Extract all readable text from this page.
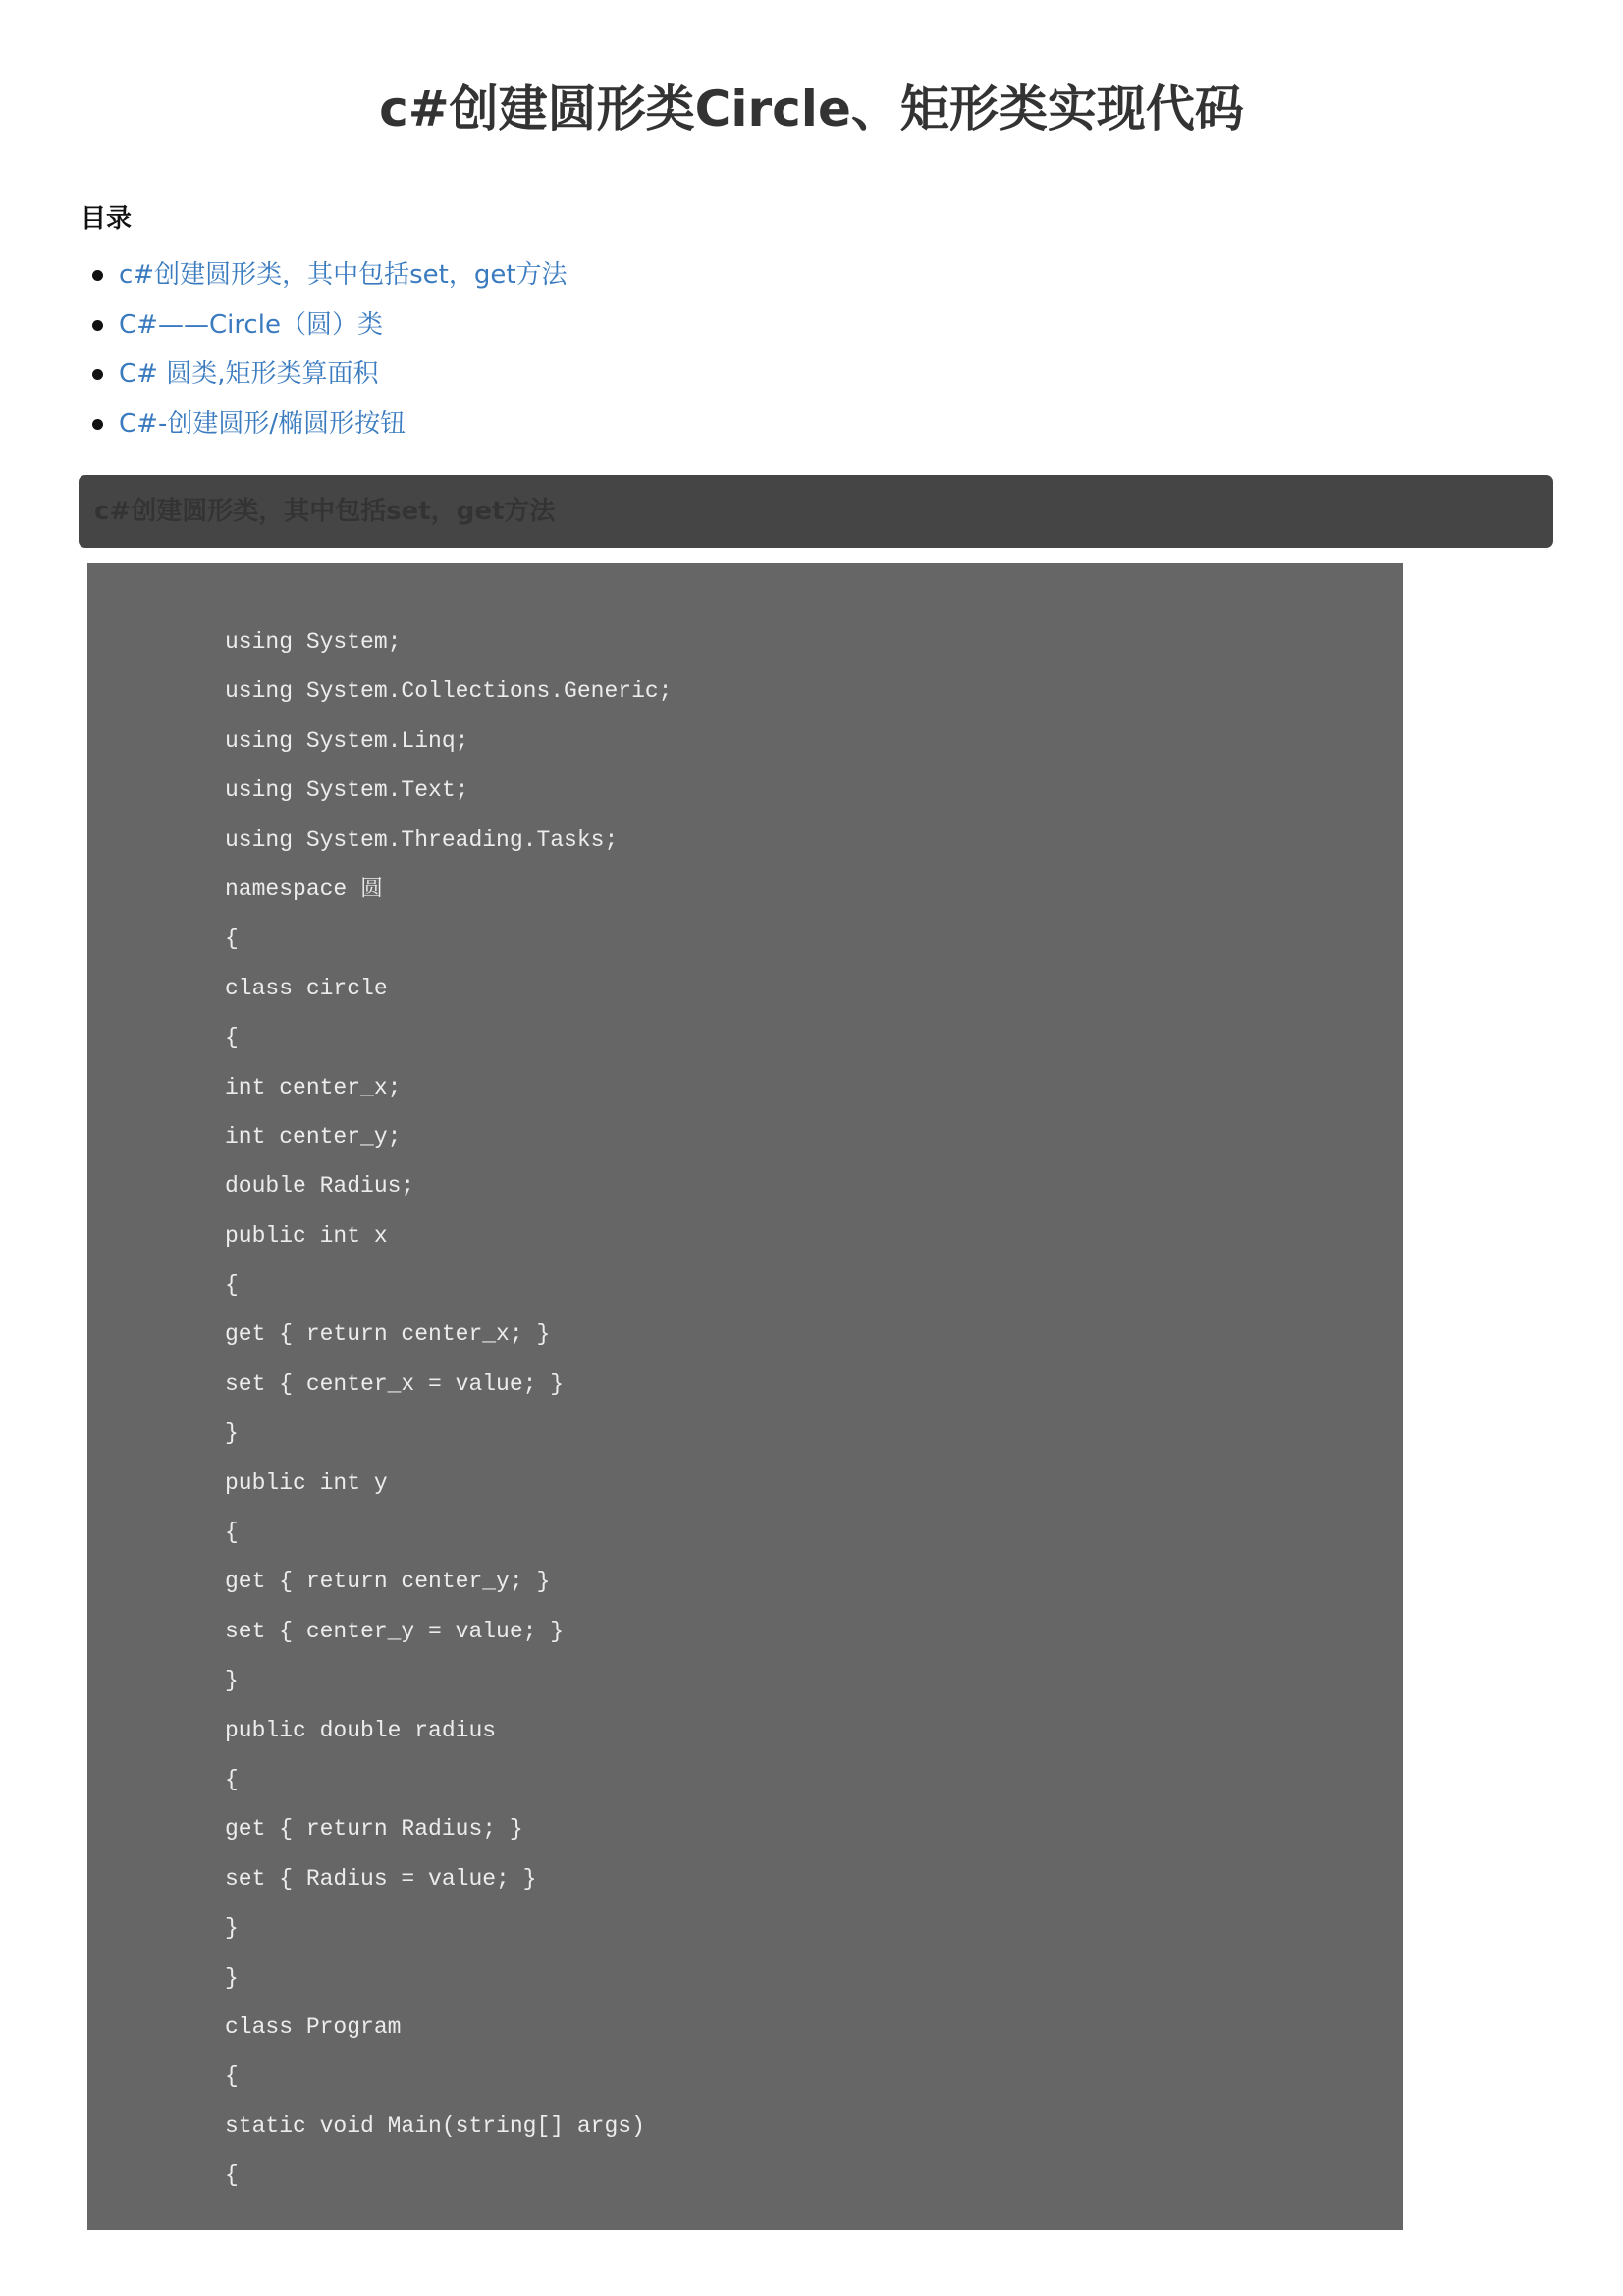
c#创建圆形类Circle、矩形类实现代码
目录
c#创建圆形类，其中包括set，get方法
C#——Circle（圆）类
C# 圆类,矩形类算面积
C#-创建圆形/椭圆形按钮
c#创建圆形类，其中包括set，get方法
using System;
using System.Collections.Generic;
using System.Linq;
using System.Text;
using System.Threading.Tasks;
namespace 圆
{
class circle
{
int center_x;
int center_y;
double Radius;
public int x
{
get { return center_x; }
set { center_x = value; }
}
public int y
{
get { return center_y; }
set { center_y = value; }
}
public double radius
{
get { return Radius; }
set { Radius = value; }
}
}
class Program
{
static void Main(string[] args)
{
